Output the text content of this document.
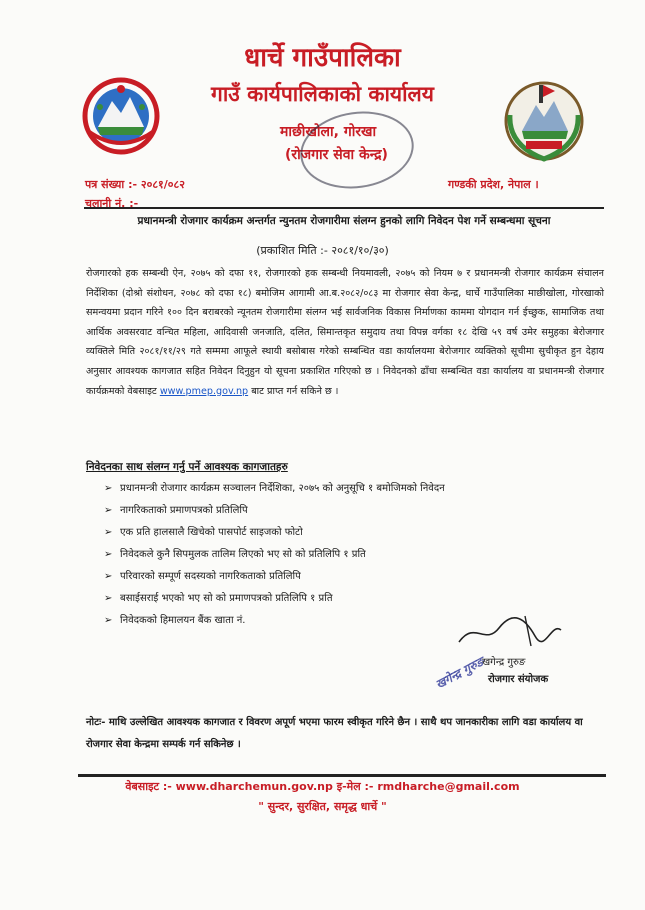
धार्चे गाउँपालिका
गाउँ कार्यपालिकाको कार्यालय
माछीखोला, गोरखा
(रोजगार सेवा केन्द्र)
पत्र संख्या :- २०८१/०८२
चलानी नं. :-
गण्डकी प्रदेश, नेपाल ।
प्रधानमन्त्री रोजगार कार्यक्रम अन्तर्गत न्युनतम रोजगारीमा संलग्न हुनको लागि निवेदन पेश गर्ने सम्बन्धमा सूचना
(प्रकाशित मिति :- २०८१/१०/३०)
रोजगारको हक सम्बन्धी ऐन, २०७५ को दफा ११, रोजगारको हक सम्बन्धी नियमावली, २०७५ को नियम ७ र प्रधानमन्त्री रोजगार कार्यक्रम संचालन निर्देशिका (दोश्रो संशोधन, २०७८ को दफा १८) बमोजिम आगामी आ.ब.२०८२/०८३ मा रोजगार सेवा केन्द्र, धार्चे गाउँपालिका माछीखोला, गोरखाको समन्वयमा प्रदान गरिने १०० दिन बराबरको न्यूनतम रोजगारीमा संलग्न भई सार्वजनिक विकास निर्माणका काममा योगदान गर्न ईच्छुक, सामाजिक तथा आर्थिक अवसरवाट वन्चित महिला, आदिवासी जनजाति, दलित, सिमान्तकृत समुदाय तथा विपन्न वर्गका १८ देखि ५९ वर्ष उमेर समुहका बेरोजगार व्यक्तिले मिति २०८१/११/२९ गते सम्ममा आफूले स्थायी बसोबास गरेको सम्बन्धित वडा कार्यालयमा बेरोजगार व्यक्तिको सूचीमा सुचीकृत हुन देहाय अनुसार आवश्यक कागजात सहित निवेदन दिनुहुन यो सूचना प्रकाशित गरिएको छ । निवेदनको ढाँचा सम्बन्धित वडा कार्यालय वा प्रधानमन्त्री रोजगार कार्यक्रमको वेबसाइट www.pmep.gov.np बाट प्राप्त गर्न सकिने छ ।
निवेदनका साथ संलग्न गर्नु पर्ने आवश्यक कागजातहरु
➢ प्रधानमन्त्री रोजगार कार्यक्रम सञ्चालन निर्देशिका, २०७५ को अनुसूचि १ बमोजिमको निवेदन
➢ नागरिकताको प्रमाणपत्रको प्रतिलिपि
➢ एक प्रति हालसालै खिचेको पासपोर्ट साइजको फोटो
➢ निवेदकले कुनै सिपमुलक तालिम लिएको भए सो को प्रतिलिपि १ प्रति
➢ परिवारको सम्पूर्ण सदस्यको नागरिकताको प्रतिलिपि
➢ बसाईसराई भएको भए सो को प्रमाणपत्रको प्रतिलिपि १ प्रति
➢ निवेदकको हिमालयन बैंक खाता नं.
खगेन्द्र गुरुङ
खगेन्द्र गुरुङ
रोजगार संयोजक
नोटः- माथि उल्लेखित आवश्यक कागजात र विवरण अपूर्ण भएमा फारम स्वीकृत गरिने छैन । साथै थप जानकारीका लागि वडा कार्यालय वा रोजगार सेवा केन्द्रमा सम्पर्क गर्न सकिनेछ ।
वेबसाइट :- www.dharchemun.gov.np इ-मेल :- rmdharche@gmail.com
" सुन्दर, सुरक्षित, समृद्ध धार्चे "
